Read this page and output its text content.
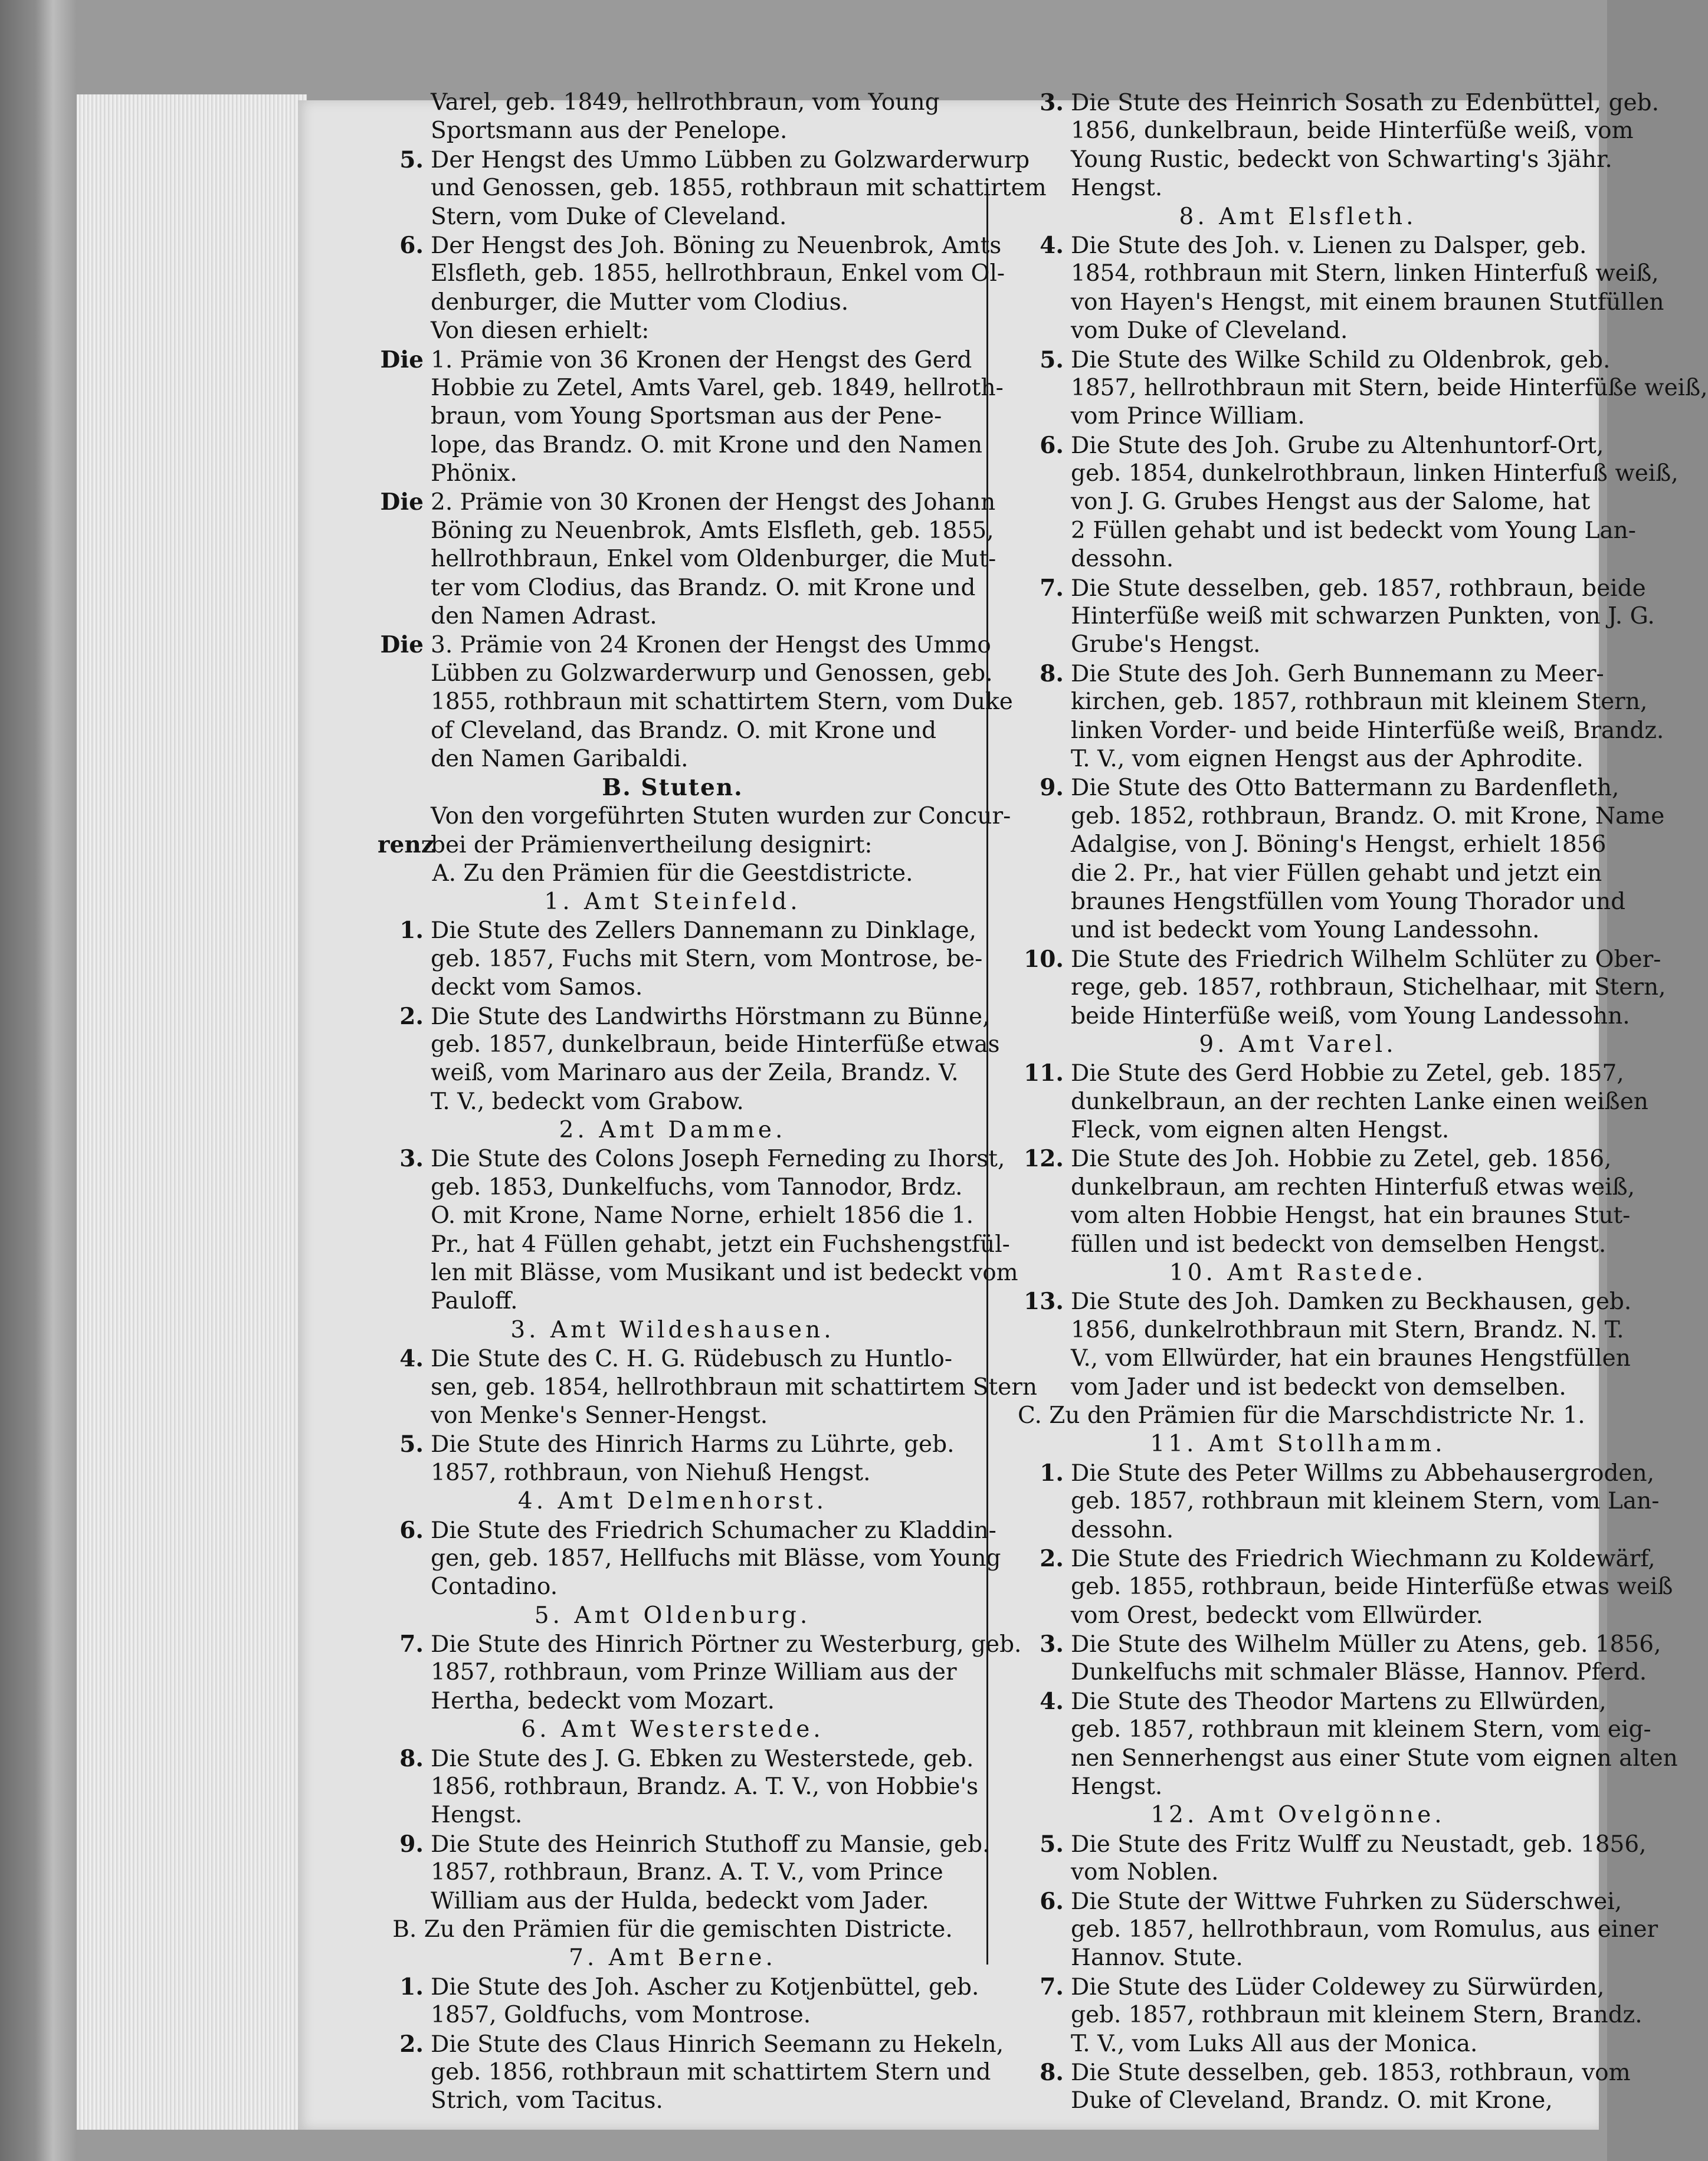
Varel, geb. 1849, hellrothbraun, vom Young
Sportsmann aus der Penelope.
5. Der Hengst des Ummo Lübben zu Golzwarderwurp
und Genossen, geb. 1855, rothbraun mit schattirtem
Stern, vom Duke of Cleveland.
6. Der Hengst des Joh. Böning zu Neuenbrok, Amts
Elsfleth, geb. 1855, hellrothbraun, Enkel vom Ol-
denburger, die Mutter vom Clodius.
Von diesen erhielt:
Die 1. Prämie von 36 Kronen der Hengst des Gerd
Hobbie zu Zetel, Amts Varel, geb. 1849, hellroth-
braun, vom Young Sportsman aus der Pene-
lope, das Brandz. O. mit Krone und den Namen
Phönix.
Die 2. Prämie von 30 Kronen der Hengst des Johann
Böning zu Neuenbrok, Amts Elsfleth, geb. 1855,
hellrothbraun, Enkel vom Oldenburger, die Mut-
ter vom Clodius, das Brandz. O. mit Krone und
den Namen Adrast.
Die 3. Prämie von 24 Kronen der Hengst des Ummo
Lübben zu Golzwarderwurp und Genossen, geb.
1855, rothbraun mit schattirtem Stern, vom Duke
of Cleveland, das Brandz. O. mit Krone und
den Namen Garibaldi.
B. Stuten.
Von den vorgeführten Stuten wurden zur Concur-
renzbei der Prämienvertheilung designirt:
A. Zu den Prämien für die Geestdistricte.
1. Amt Steinfeld.
1. Die Stute des Zellers Dannemann zu Dinklage,
geb. 1857, Fuchs mit Stern, vom Montrose, be-
deckt vom Samos.
2. Die Stute des Landwirths Hörstmann zu Bünne,
geb. 1857, dunkelbraun, beide Hinterfüße etwas
weiß, vom Marinaro aus der Zeila, Brandz. V.
T. V., bedeckt vom Grabow.
2. Amt Damme.
3. Die Stute des Colons Joseph Ferneding zu Ihorst,
geb. 1853, Dunkelfuchs, vom Tannodor, Brdz.
O. mit Krone, Name Norne, erhielt 1856 die 1.
Pr., hat 4 Füllen gehabt, jetzt ein Fuchshengstfül-
len mit Blässe, vom Musikant und ist bedeckt vom
Pauloff.
3. Amt Wildeshausen.
4. Die Stute des C. H. G. Rüdebusch zu Huntlo-
sen, geb. 1854, hellrothbraun mit schattirtem Stern
von Menke's Senner-Hengst.
5. Die Stute des Hinrich Harms zu Lührte, geb.
1857, rothbraun, von Niehuß Hengst.
4. Amt Delmenhorst.
6. Die Stute des Friedrich Schumacher zu Kladdin-
gen, geb. 1857, Hellfuchs mit Blässe, vom Young
Contadino.
5. Amt Oldenburg.
7. Die Stute des Hinrich Pörtner zu Westerburg, geb.
1857, rothbraun, vom Prinze William aus der
Hertha, bedeckt vom Mozart.
6. Amt Westerstede.
8. Die Stute des J. G. Ebken zu Westerstede, geb.
1856, rothbraun, Brandz. A. T. V., von Hobbie's
Hengst.
9. Die Stute des Heinrich Stuthoff zu Mansie, geb.
1857, rothbraun, Branz. A. T. V., vom Prince
William aus der Hulda, bedeckt vom Jader.
B. Zu den Prämien für die gemischten Districte.
7. Amt Berne.
1. Die Stute des Joh. Ascher zu Kotjenbüttel, geb.
1857, Goldfuchs, vom Montrose.
2. Die Stute des Claus Hinrich Seemann zu Hekeln,
geb. 1856, rothbraun mit schattirtem Stern und
Strich, vom Tacitus.
3. Die Stute des Heinrich Sosath zu Edenbüttel, geb.
1856, dunkelbraun, beide Hinterfüße weiß, vom
Young Rustic, bedeckt von Schwarting's 3jähr.
Hengst.
8. Amt Elsfleth.
4. Die Stute des Joh. v. Lienen zu Dalsper, geb.
1854, rothbraun mit Stern, linken Hinterfuß weiß,
von Hayen's Hengst, mit einem braunen Stutfüllen
vom Duke of Cleveland.
5. Die Stute des Wilke Schild zu Oldenbrok, geb.
1857, hellrothbraun mit Stern, beide Hinterfüße weiß,
vom Prince William.
6. Die Stute des Joh. Grube zu Altenhuntorf-Ort,
geb. 1854, dunkelrothbraun, linken Hinterfuß weiß,
von J. G. Grubes Hengst aus der Salome, hat
2 Füllen gehabt und ist bedeckt vom Young Lan-
dessohn.
7. Die Stute desselben, geb. 1857, rothbraun, beide
Hinterfüße weiß mit schwarzen Punkten, von J. G.
Grube's Hengst.
8. Die Stute des Joh. Gerh Bunnemann zu Meer-
kirchen, geb. 1857, rothbraun mit kleinem Stern,
linken Vorder- und beide Hinterfüße weiß, Brandz.
T. V., vom eignen Hengst aus der Aphrodite.
9. Die Stute des Otto Battermann zu Bardenfleth,
geb. 1852, rothbraun, Brandz. O. mit Krone, Name
Adalgise, von J. Böning's Hengst, erhielt 1856
die 2. Pr., hat vier Füllen gehabt und jetzt ein
braunes Hengstfüllen vom Young Thorador und
und ist bedeckt vom Young Landessohn.
10. Die Stute des Friedrich Wilhelm Schlüter zu Ober-
rege, geb. 1857, rothbraun, Stichelhaar, mit Stern,
beide Hinterfüße weiß, vom Young Landessohn.
9. Amt Varel.
11. Die Stute des Gerd Hobbie zu Zetel, geb. 1857,
dunkelbraun, an der rechten Lanke einen weißen
Fleck, vom eignen alten Hengst.
12. Die Stute des Joh. Hobbie zu Zetel, geb. 1856,
dunkelbraun, am rechten Hinterfuß etwas weiß,
vom alten Hobbie Hengst, hat ein braunes Stut-
füllen und ist bedeckt von demselben Hengst.
10. Amt Rastede.
13. Die Stute des Joh. Damken zu Beckhausen, geb.
1856, dunkelrothbraun mit Stern, Brandz. N. T.
V., vom Ellwürder, hat ein braunes Hengstfüllen
vom Jader und ist bedeckt von demselben.
C. Zu den Prämien für die Marschdistricte Nr. 1.
11. Amt Stollhamm.
1. Die Stute des Peter Willms zu Abbehausergroden,
geb. 1857, rothbraun mit kleinem Stern, vom Lan-
dessohn.
2. Die Stute des Friedrich Wiechmann zu Koldewärf,
geb. 1855, rothbraun, beide Hinterfüße etwas weiß
vom Orest, bedeckt vom Ellwürder.
3. Die Stute des Wilhelm Müller zu Atens, geb. 1856,
Dunkelfuchs mit schmaler Blässe, Hannov. Pferd.
4. Die Stute des Theodor Martens zu Ellwürden,
geb. 1857, rothbraun mit kleinem Stern, vom eig-
nen Sennerhengst aus einer Stute vom eignen alten
Hengst.
12. Amt Ovelgönne.
5. Die Stute des Fritz Wulff zu Neustadt, geb. 1856,
vom Noblen.
6. Die Stute der Wittwe Fuhrken zu Süderschwei,
geb. 1857, hellrothbraun, vom Romulus, aus einer
Hannov. Stute.
7. Die Stute des Lüder Coldewey zu Sürwürden,
geb. 1857, rothbraun mit kleinem Stern, Brandz.
T. V., vom Luks All aus der Monica.
8. Die Stute desselben, geb. 1853, rothbraun, vom
Duke of Cleveland, Brandz. O. mit Krone,
